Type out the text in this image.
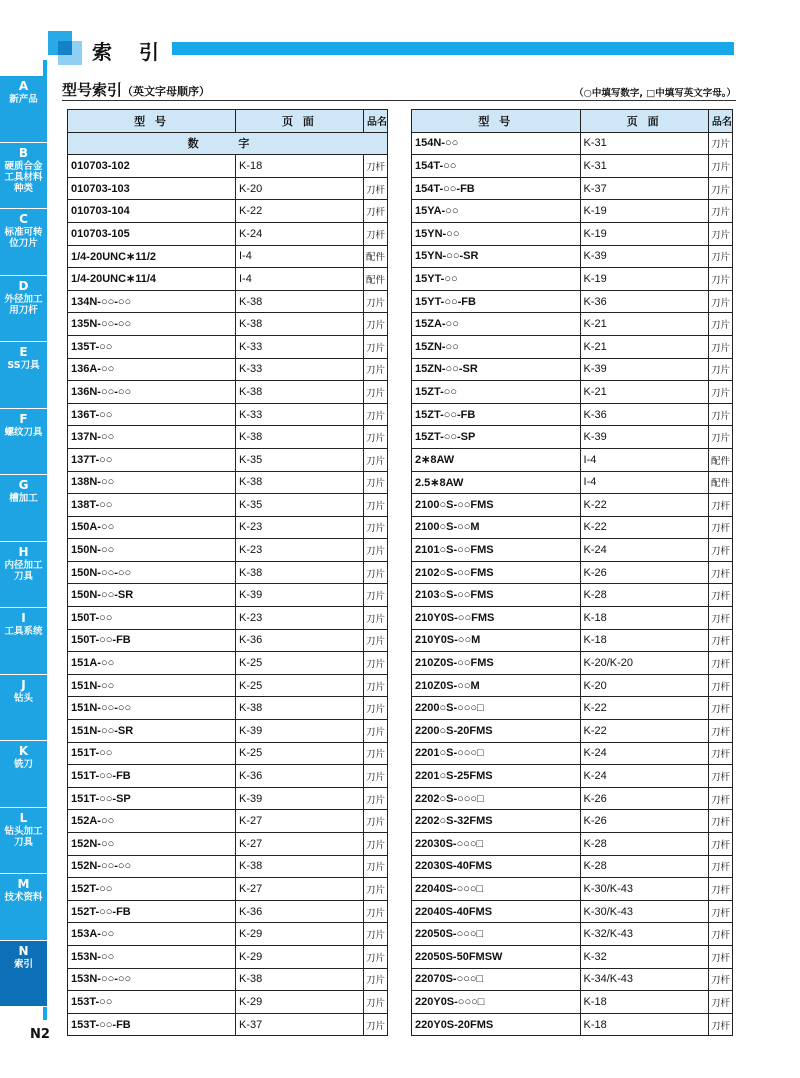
索 引
A
新产品
B
硬质合金工具材料种类
C
标准可转位刀片
D
外径加工用刀杆
E
SS刀具
F
螺纹刀具
G
槽加工
H
内径加工刀具
I
工具系统
J
钻头
K
铣刀
L
钻头加工刀具
M
技术资料
N
索引
N2
型号索引（英文字母顺序）	（○中填写数字, □中填写英文字母。）
型 号	页 面	品名
数 字		
010703-102	K-18	刀杆
010703-103	K-20	刀杆
010703-104	K-22	刀杆
010703-105	K-24	刀杆
1/4-20UNC∗11/2	I-4	配件
1/4-20UNC∗11/4	I-4	配件
134N-○○-○○	K-38	刀片
135N-○○-○○	K-38	刀片
135T-○○	K-33	刀片
136A-○○	K-33	刀片
136N-○○-○○	K-38	刀片
136T-○○	K-33	刀片
137N-○○	K-38	刀片
137T-○○	K-35	刀片
138N-○○	K-38	刀片
138T-○○	K-35	刀片
150A-○○	K-23	刀片
150N-○○	K-23	刀片
150N-○○-○○	K-38	刀片
150N-○○-SR	K-39	刀片
150T-○○	K-23	刀片
150T-○○-FB	K-36	刀片
151A-○○	K-25	刀片
151N-○○	K-25	刀片
151N-○○-○○	K-38	刀片
151N-○○-SR	K-39	刀片
151T-○○	K-25	刀片
151T-○○-FB	K-36	刀片
151T-○○-SP	K-39	刀片
152A-○○	K-27	刀片
152N-○○	K-27	刀片
152N-○○-○○	K-38	刀片
152T-○○	K-27	刀片
152T-○○-FB	K-36	刀片
153A-○○	K-29	刀片
153N-○○	K-29	刀片
153N-○○-○○	K-38	刀片
153T-○○	K-29	刀片
153T-○○-FB	K-37	刀片
型 号	页 面	品名
154N-○○	K-31	刀片
154T-○○	K-31	刀片
154T-○○-FB	K-37	刀片
15YA-○○	K-19	刀片
15YN-○○	K-19	刀片
15YN-○○-SR	K-39	刀片
15YT-○○	K-19	刀片
15YT-○○-FB	K-36	刀片
15ZA-○○	K-21	刀片
15ZN-○○	K-21	刀片
15ZN-○○-SR	K-39	刀片
15ZT-○○	K-21	刀片
15ZT-○○-FB	K-36	刀片
15ZT-○○-SP	K-39	刀片
2∗8AW	I-4	配件
2.5∗8AW	I-4	配件
2100○S-○○FMS	K-22	刀杆
2100○S-○○M	K-22	刀杆
2101○S-○○FMS	K-24	刀杆
2102○S-○○FMS	K-26	刀杆
2103○S-○○FMS	K-28	刀杆
210Y0S-○○FMS	K-18	刀杆
210Y0S-○○M	K-18	刀杆
210Z0S-○○FMS	K-20/K-20	刀杆
210Z0S-○○M	K-20	刀杆
2200○S-○○○□	K-22	刀杆
2200○S-20FMS	K-22	刀杆
2201○S-○○○□	K-24	刀杆
2201○S-25FMS	K-24	刀杆
2202○S-○○○□	K-26	刀杆
2202○S-32FMS	K-26	刀杆
22030S-○○○□	K-28	刀杆
22030S-40FMS	K-28	刀杆
22040S-○○○□	K-30/K-43	刀杆
22040S-40FMS	K-30/K-43	刀杆
22050S-○○○□	K-32/K-43	刀杆
22050S-50FMSW	K-32	刀杆
22070S-○○○□	K-34/K-43	刀杆
220Y0S-○○○□	K-18	刀杆
220Y0S-20FMS	K-18	刀杆
